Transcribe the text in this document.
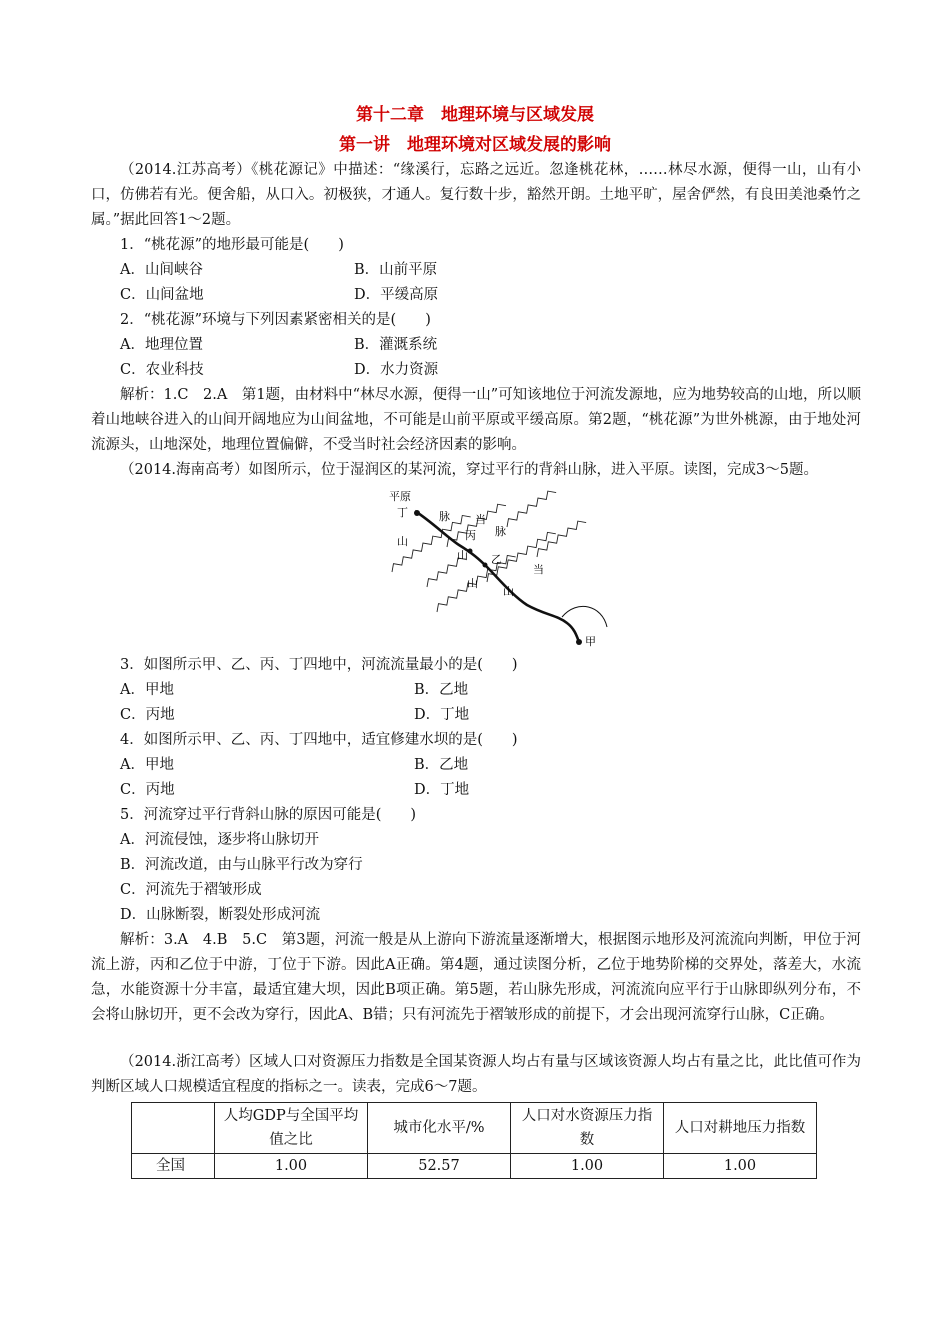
第十二章　地理环境与区域发展
第一讲　地理环境对区域发展的影响

（2014.江苏高考）《桃花源记》中描述：“缘溪行，忘路之远近。忽逢桃花林，……林尽水源，便得一山，山有小口，仿佛若有光。便舍船，从口入。初极狭，才通人。复行数十步，豁然开朗。土地平旷，屋舍俨然，有良田美池桑竹之属。”据此回答1～2题。

1．“桃花源”的地形最可能是(　　)

A．山间峡谷	B．山前平原
C．山间盆地	D．平缓高原

2．“桃花源”环境与下列因素紧密相关的是(　　)

A．地理位置	B．灌溉系统
C．农业科技	D．水力资源

解析：1.C　2.A　第1题，由材料中“林尽水源，便得一山”可知该地位于河流发源地，应为地势较高的山地，所以顺着山地峡谷进入的山间开阔地应为山间盆地，不可能是山前平原或平缓高原。第2题，“桃花源”为世外桃源，由于地处河流源头，山地深处，地理位置偏僻，不受当时社会经济因素的影响。

（2014.海南高考）如图所示，位于湿润区的某河流，穿过平行的背斜山脉，进入平原。读图，完成3～5题。

平原
丁
丙
乙
甲
山
脉 当
山
脉
山
山
当

3．如图所示甲、乙、丙、丁四地中，河流流量最小的是(　　)

A．甲地	B．乙地
C．丙地	D．丁地

4．如图所示甲、乙、丙、丁四地中，适宜修建水坝的是(　　)

A．甲地	B．乙地
C．丙地	D．丁地

5．河流穿过平行背斜山脉的原因可能是(　　)

A．河流侵蚀，逐步将山脉切开

B．河流改道，由与山脉平行改为穿行

C．河流先于褶皱形成

D．山脉断裂，断裂处形成河流

解析：3.A　4.B　5.C　第3题，河流一般是从上游向下游流量逐渐增大，根据图示地形及河流流向判断，甲位于河流上游，丙和乙位于中游，丁位于下游。因此A正确。第4题，通过读图分析，乙位于地势阶梯的交界处，落差大，水流急，水能资源十分丰富，最适宜建大坝，因此B项正确。第5题，若山脉先形成，河流流向应平行于山脉即纵列分布，不会将山脉切开，更不会改为穿行，因此A、B错；只有河流先于褶皱形成的前提下，才会出现河流穿行山脉，C正确。

（2014.浙江高考）区域人口对资源压力指数是全国某资源人均占有量与区域该资源人均占有量之比，此比值可作为判断区域人口规模适宜程度的指标之一。读表，完成6～7题。

	人均GDP与全国平均值之比	城市化水平/%	人口对水资源压力指数	人口对耕地压力指数
全国	1.00	52.57	1.00	1.00
